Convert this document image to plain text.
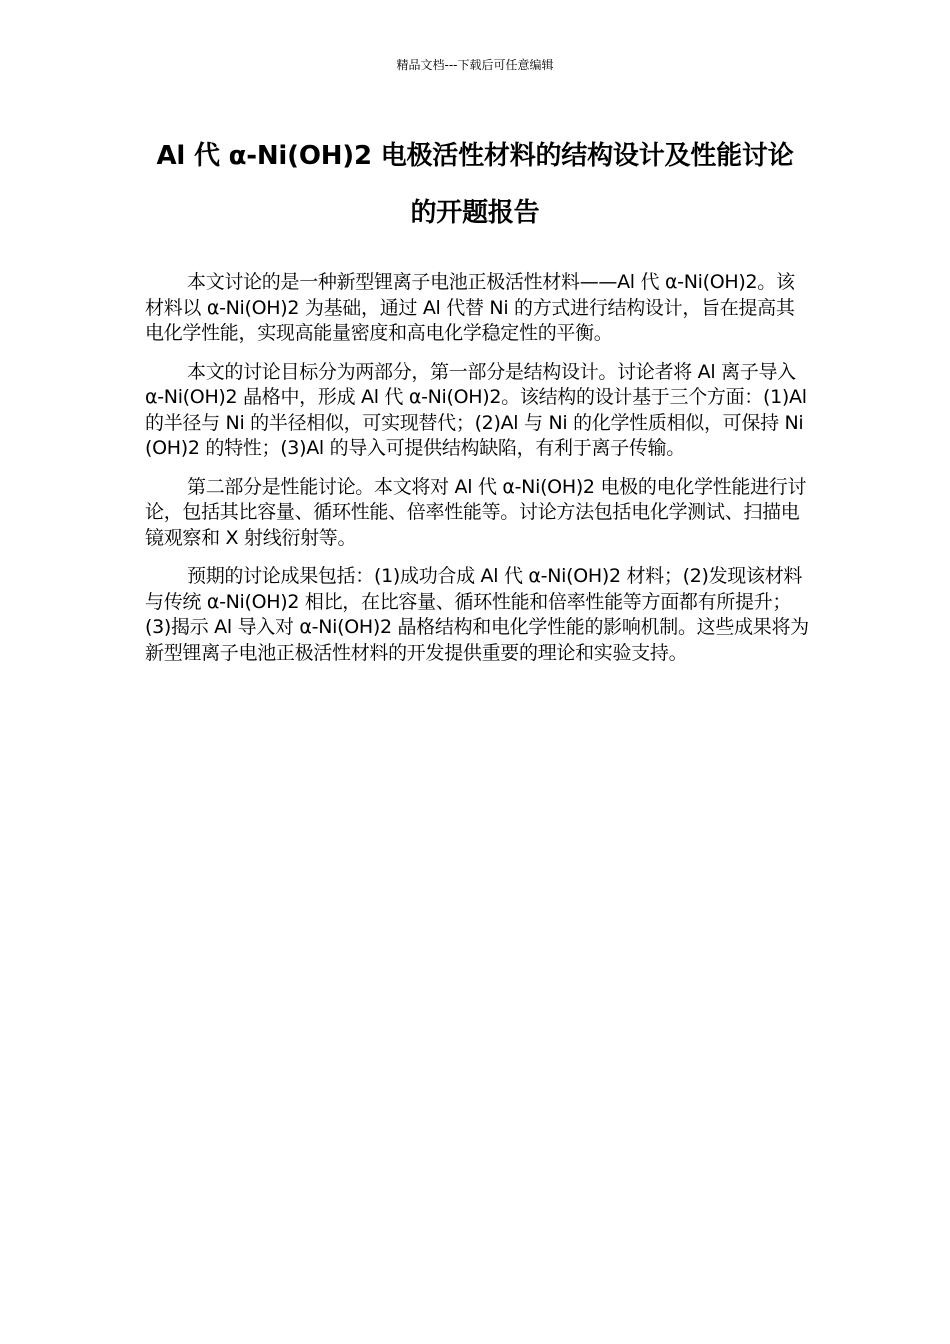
精品文档---下载后可任意编辑
Al 代 α-Ni(OH)2 电极活性材料的结构设计及性能讨论
的开题报告

本文讨论的是一种新型锂离子电池正极活性材料——Al 代 α-Ni(OH)2。该材料以 α-Ni(OH)2 为基础，通过 Al 代替 Ni 的方式进行结构设计，旨在提高其电化学性能，实现高能量密度和高电化学稳定性的平衡。

本文的讨论目标分为两部分，第一部分是结构设计。讨论者将 Al 离子导入 α-Ni(OH)2 晶格中，形成 Al 代 α-Ni(OH)2。该结构的设计基于三个方面：(1)Al 的半径与 Ni 的半径相似，可实现替代；(2)Al 与 Ni 的化学性质相似，可保持 Ni(OH)2 的特性；(3)Al 的导入可提供结构缺陷，有利于离子传输。

第二部分是性能讨论。本文将对 Al 代 α-Ni(OH)2 电极的电化学性能进行讨论，包括其比容量、循环性能、倍率性能等。讨论方法包括电化学测试、扫描电镜观察和 X 射线衍射等。

预期的讨论成果包括：(1)成功合成 Al 代 α-Ni(OH)2 材料；(2)发现该材料与传统 α-Ni(OH)2 相比，在比容量、循环性能和倍率性能等方面都有所提升；(3)揭示 Al 导入对 α-Ni(OH)2 晶格结构和电化学性能的影响机制。这些成果将为新型锂离子电池正极活性材料的开发提供重要的理论和实验支持。
